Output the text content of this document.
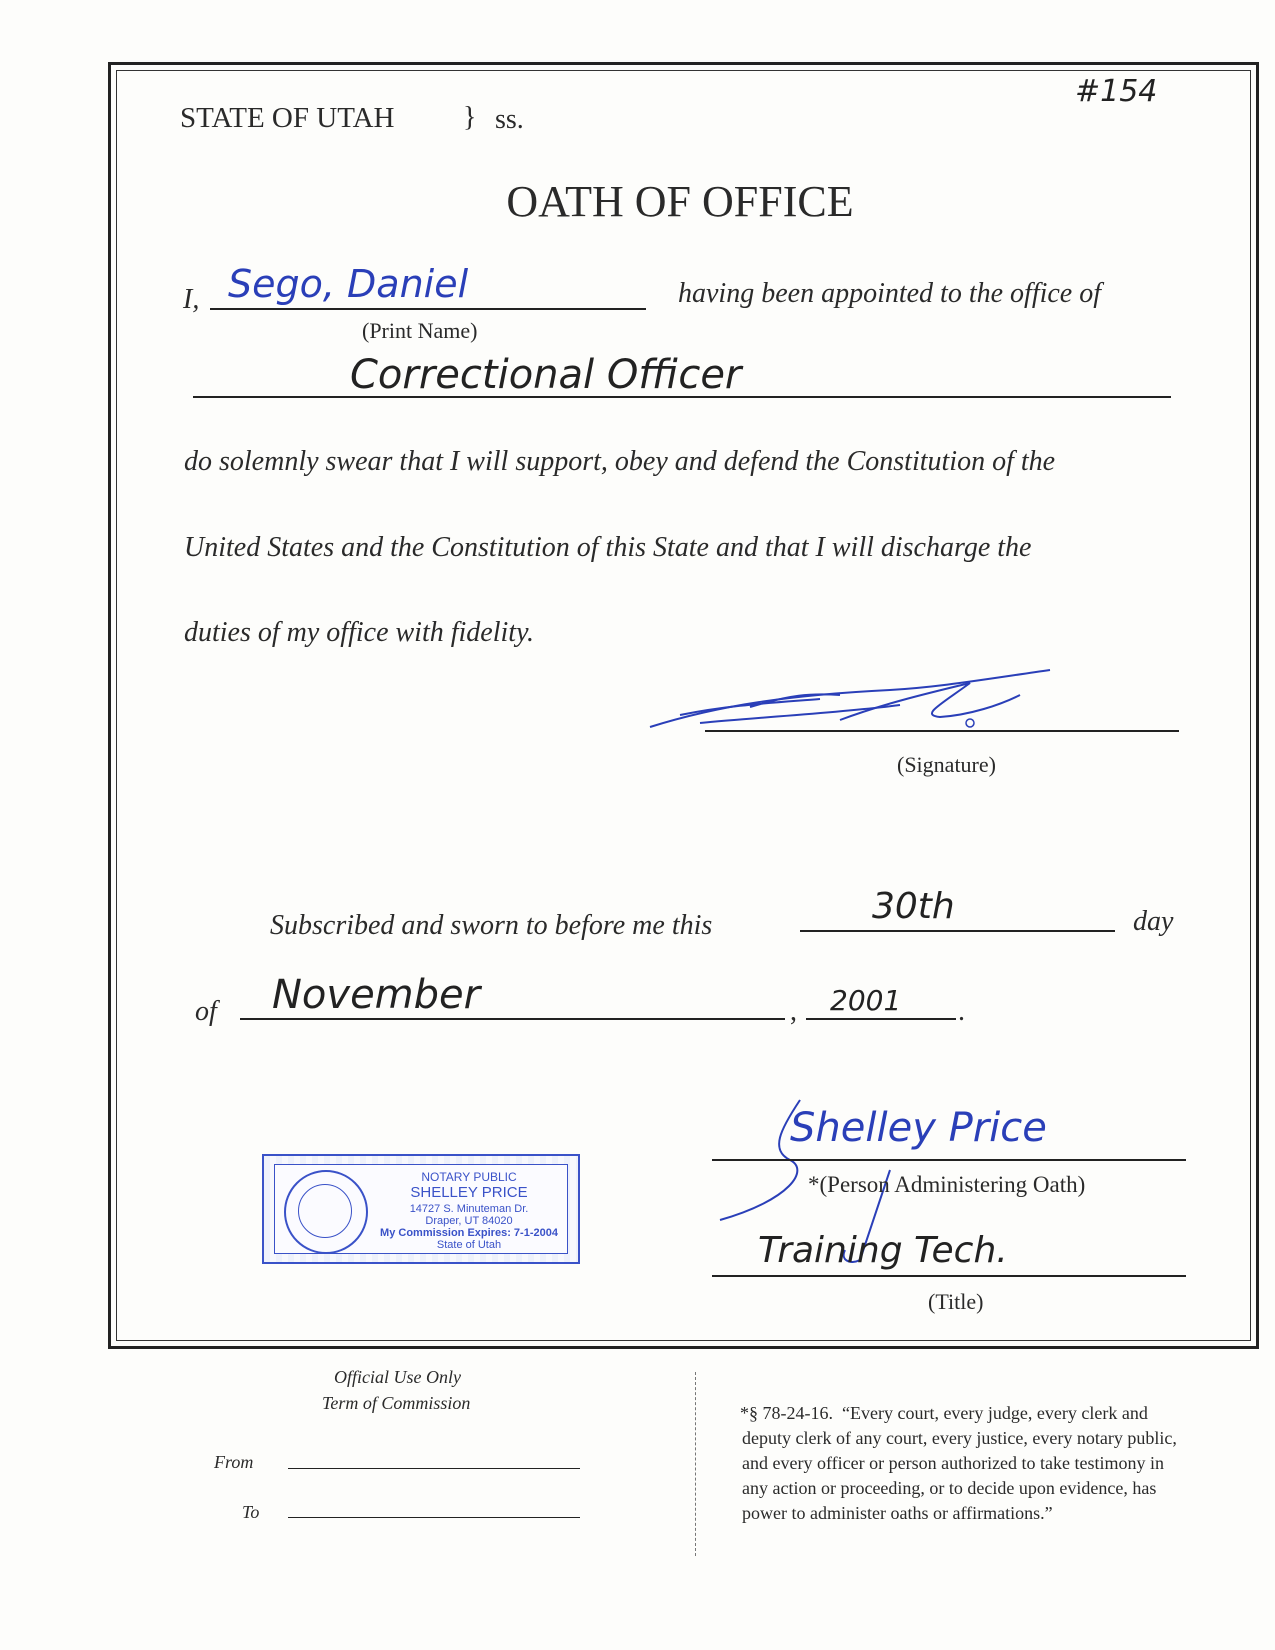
#154
STATE OF UTAH } ss.
OATH OF OFFICE
I, Sego, Daniel
(Print Name)
having been appointed to the office of
Correctional Officer
do solemnly swear that I will support, obey and defend the Constitution of the
United States and the Constitution of this State and that I will discharge the
duties of my office with fidelity.
(Signature)
Subscribed and sworn to before me this	30th	day
of November	, 2001 .
NOTARY PUBLIC
SHELLEY PRICE
14727 S. Minuteman Dr.
Draper, UT 84020
My Commission Expires: 7-1-2004
State of Utah
Shelley Price
*(Person Administering Oath)
Training Tech.
(Title)
Official Use Only
Term of Commission
From
To
*§ 78-24-16.  “Every court, every judge, every clerk and
deputy clerk of any court, every justice, every notary public,
and every officer or person authorized to take testimony in
any action or proceeding, or to decide upon evidence, has
power to administer oaths or affirmations.”
